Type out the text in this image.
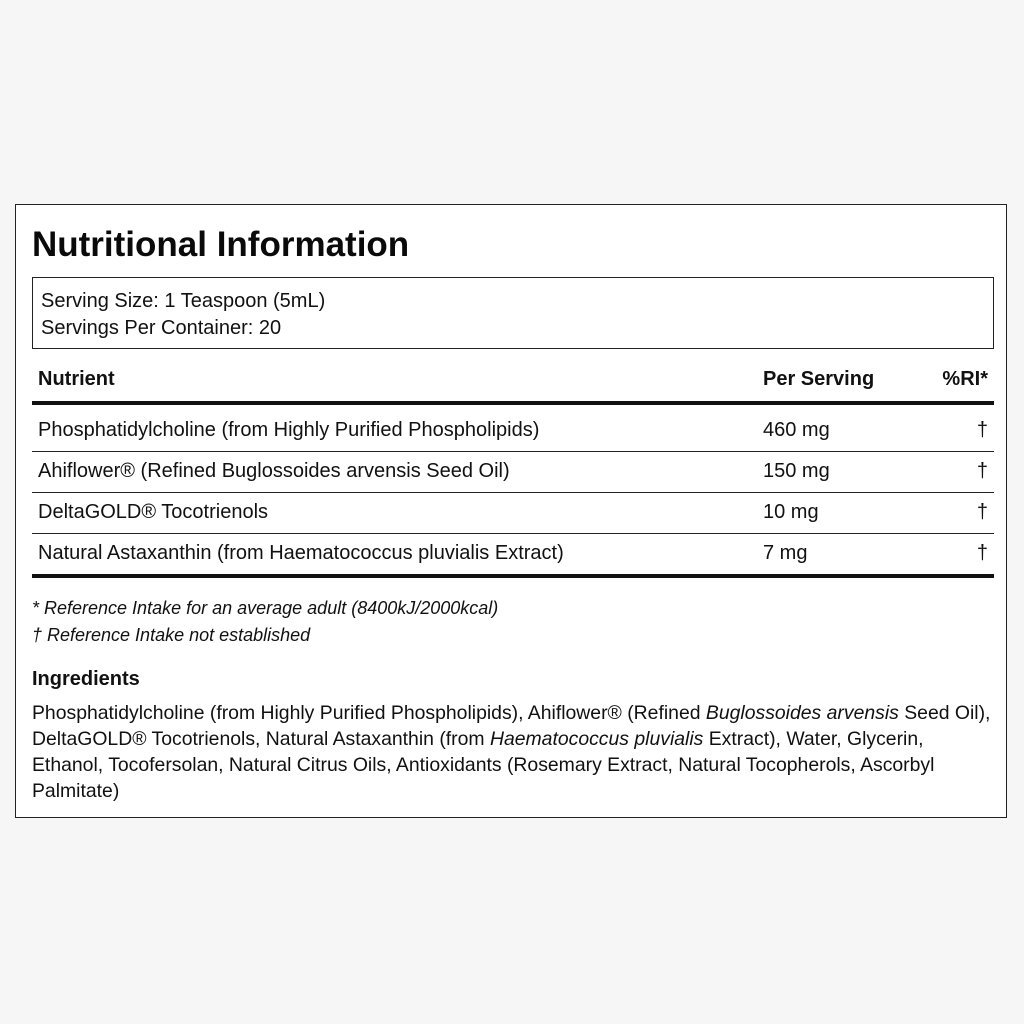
Nutritional Information
Serving Size: 1 Teaspoon (5mL)
Servings Per Container: 20
Nutrient	Per Serving	%RI*
Phosphatidylcholine (from Highly Purified Phospholipids)	460 mg	†
Ahiflower® (Refined Buglossoides arvensis Seed Oil)	150 mg	†
DeltaGOLD® Tocotrienols	10 mg	†
Natural Astaxanthin (from Haematococcus pluvialis Extract)	7 mg	†
* Reference Intake for an average adult (8400kJ/2000kcal)
† Reference Intake not established
Ingredients
Phosphatidylcholine (from Highly Purified Phospholipids), Ahiflower® (Refined Buglossoides arvensis Seed Oil), DeltaGOLD® Tocotrienols, Natural Astaxanthin (from Haematococcus pluvialis Extract), Water, Glycerin, Ethanol, Tocofersolan, Natural Citrus Oils, Antioxidants (Rosemary Extract, Natural Tocopherols, Ascorbyl Palmitate)
